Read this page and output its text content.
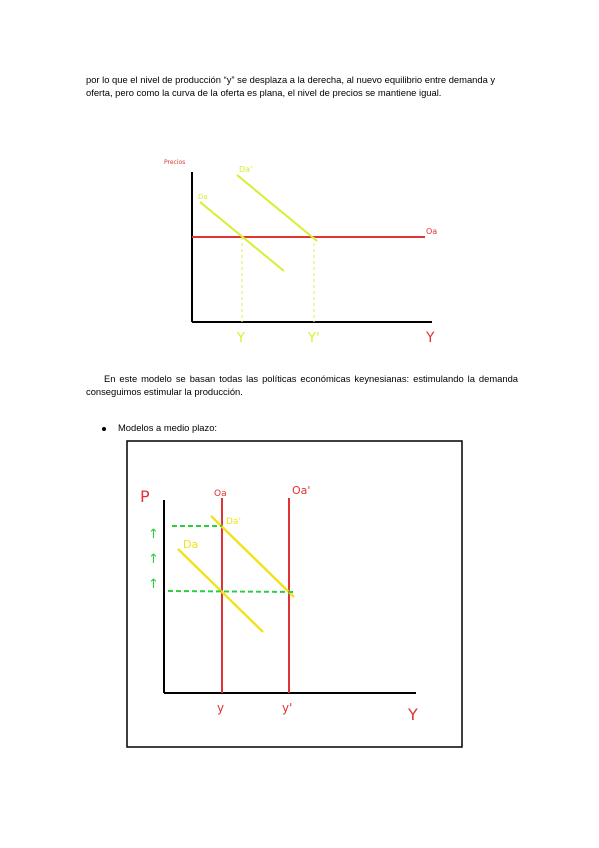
por lo que el nivel de producción “y” se desplaza a la derecha, al nuevo equilibrio entre demanda y oferta, pero como la curva de la oferta es plana, el nivel de precios se mantiene igual.

Precios
Y
Oa
Da
Da'
Y	Y'

En este modelo se basan todas las políticas económicas keynesianas: estimulando la demanda conseguimos estimular la producción.

Modelos a medio plazo:
P
Y
Oa	Oa'
Da
Da'
↑
↑
↑
y	y'
